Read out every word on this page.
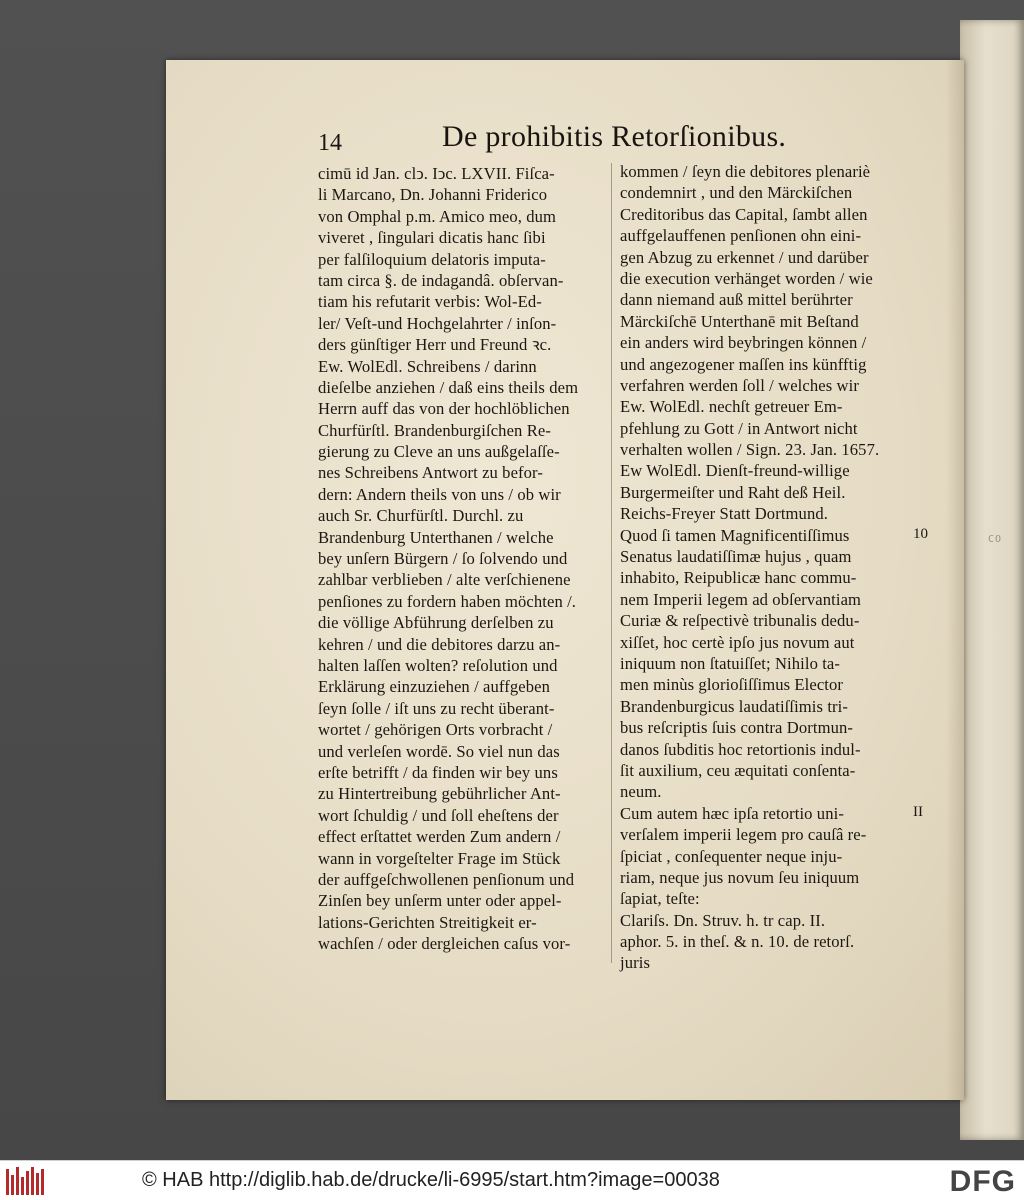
CO
14	De prohibitis Retorſionibus.
cimū id Jan. clↄ. Iↄc. LXVII. Fiſca-
li Marcano, Dn. Johanni Friderico
von Omphal p.m. Amico meo, dum
viveret , ſingulari dicatis hanc ſibi
per falſiloquium delatoris imputa-
tam circa §. de indagandâ. obſervan-
tiam his refutarit verbis: Wol-Ed-
ler/ Veſt-und Hochgelahrter / inſon-
ders günſtiger Herr und Freund ꝛc.
Ew. WolEdl. Schreibens / darinn
dieſelbe anziehen / daß eins theils dem
Herrn auff das von der hochlöblichen
Churfürſtl. Brandenburgiſchen Re-
gierung zu Cleve an uns außgelaſſe-
nes Schreibens Antwort zu befor-
dern: Andern theils von uns / ob wir
auch Sr. Churfürſtl. Durchl. zu
Brandenburg Unterthanen / welche
bey unſern Bürgern / ſo ſolvendo und
zahlbar verblieben / alte verſchienene
penſiones zu fordern haben möchten /.
die völlige Abführung derſelben zu
kehren / und die debitores darzu an-
halten laſſen wolten? reſolution und
Erklärung einzuziehen / auffgeben
ſeyn ſolle / iſt uns zu recht überant-
wortet / gehörigen Orts vorbracht /
und verleſen wordē. So viel nun das
erſte betrifft / da finden wir bey uns
zu Hintertreibung gebührlicher Ant-
wort ſchuldig / und ſoll eheſtens der
effect erſtattet werden Zum andern /
wann in vorgeſtelter Frage im Stück
der auffgeſchwollenen penſionum und
Zinſen bey unſerm unter oder appel-
lations-Gerichten Streitigkeit er-
wachſen / oder dergleichen caſus vor-
kommen / ſeyn die debitores plenariè
condemnirt , und den Märckiſchen
Creditoribus das Capital, ſambt allen
auffgelauffenen penſionen ohn eini-
gen Abzug zu erkennet / und darüber
die execution verhänget worden / wie
dann niemand auß mittel berührter
Märckiſchē Unterthanē mit Beſtand
ein anders wird beybringen können /
und angezogener maſſen ins künfftig
verfahren werden ſoll / welches wir
Ew. WolEdl. nechſt getreuer Em-
pfehlung zu Gott / in Antwort nicht
verhalten wollen / Sign. 23. Jan. 1657.
Ew WolEdl. Dienſt-freund-willige
Burgermeiſter und Raht deß Heil.
Reichs-Freyer Statt Dortmund.
Quod ſi tamen Magnificentiſſimus
Senatus laudatiſſimæ hujus , quam
inhabito, Reipublicæ hanc commu-
nem Imperii legem ad obſervantiam
Curiæ & reſpectivè tribunalis dedu-
xiſſet, hoc certè ipſo jus novum aut
iniquum non ſtatuiſſet; Nihilo ta-
men minùs glorioſiſſimus Elector
Brandenburgicus laudatiſſimis tri-
bus reſcriptis ſuis contra Dortmun-
danos ſubditis hoc retortionis indul-
ſit auxilium, ceu æquitati conſenta-
neum.
Cum autem hæc ipſa retortio uni-
verſalem imperii legem pro cauſâ re-
ſpiciat , conſequenter neque inju-
riam, neque jus novum ſeu iniquum
ſapiat, teſte:
Clariſs. Dn. Struv. h. tr cap. II.
aphor. 5. in theſ. & n. 10. de retorſ.
juris
10
II
© HAB http://diglib.hab.de/drucke/li-6995/start.htm?image=00038	DFG
